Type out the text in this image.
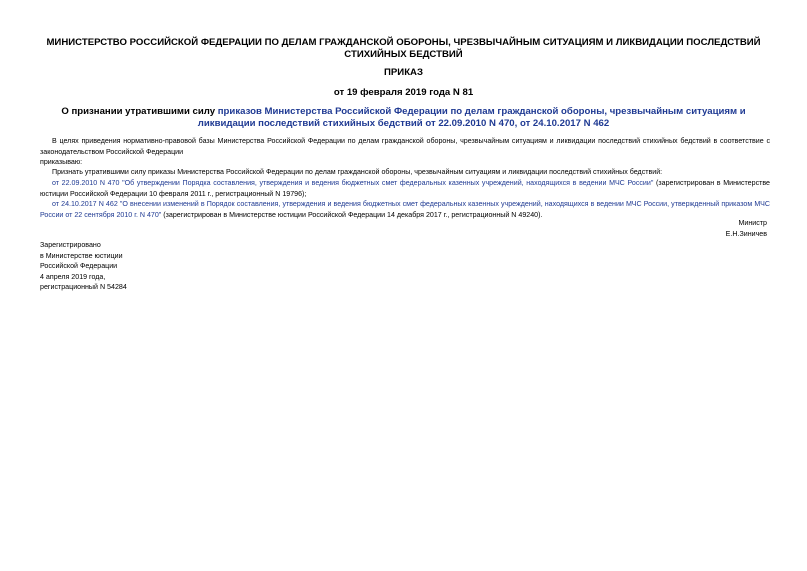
МИНИСТЕРСТВО РОССИЙСКОЙ ФЕДЕРАЦИИ ПО ДЕЛАМ ГРАЖДАНСКОЙ ОБОРОНЫ, ЧРЕЗВЫЧАЙНЫМ СИТУАЦИЯМ И ЛИКВИДАЦИИ ПОСЛЕДСТВИЙ СТИХИЙНЫХ БЕДСТВИЙ
ПРИКАЗ
от 19 февраля 2019 года N 81
О признании утратившими силу приказов Министерства Российской Федерации по делам гражданской обороны, чрезвычайным ситуациям и ликвидации последствий стихийных бедствий от 22.09.2010 N 470, от 24.10.2017 N 462
В целях приведения нормативно-правовой базы Министерства Российской Федерации по делам гражданской обороны, чрезвычайным ситуациям и ликвидации последствий стихийных бедствий в соответствие с законодательством Российской Федерации
приказываю:
Признать утратившими силу приказы Министерства Российской Федерации по делам гражданской обороны, чрезвычайным ситуациям и ликвидации последствий стихийных бедствий:
от 22.09.2010 N 470 "Об утверждении Порядка составления, утверждения и ведения бюджетных смет федеральных казенных учреждений, находящихся в ведении МЧС России" (зарегистрирован в Министерстве юстиции Российской Федерации 10 февраля 2011 г., регистрационный N 19796);
от 24.10.2017 N 462 "О внесении изменений в Порядок составления, утверждения и ведения бюджетных смет федеральных казенных учреждений, находящихся в ведении МЧС России, утвержденный приказом МЧС России от 22 сентября 2010 г. N 470" (зарегистрирован в Министерстве юстиции Российской Федерации 14 декабря 2017 г., регистрационный N 49240).
Министр
Е.Н.Зиничев
Зарегистрировано
в Министерстве юстиции
Российской Федерации
4 апреля 2019 года,
регистрационный N 54284
